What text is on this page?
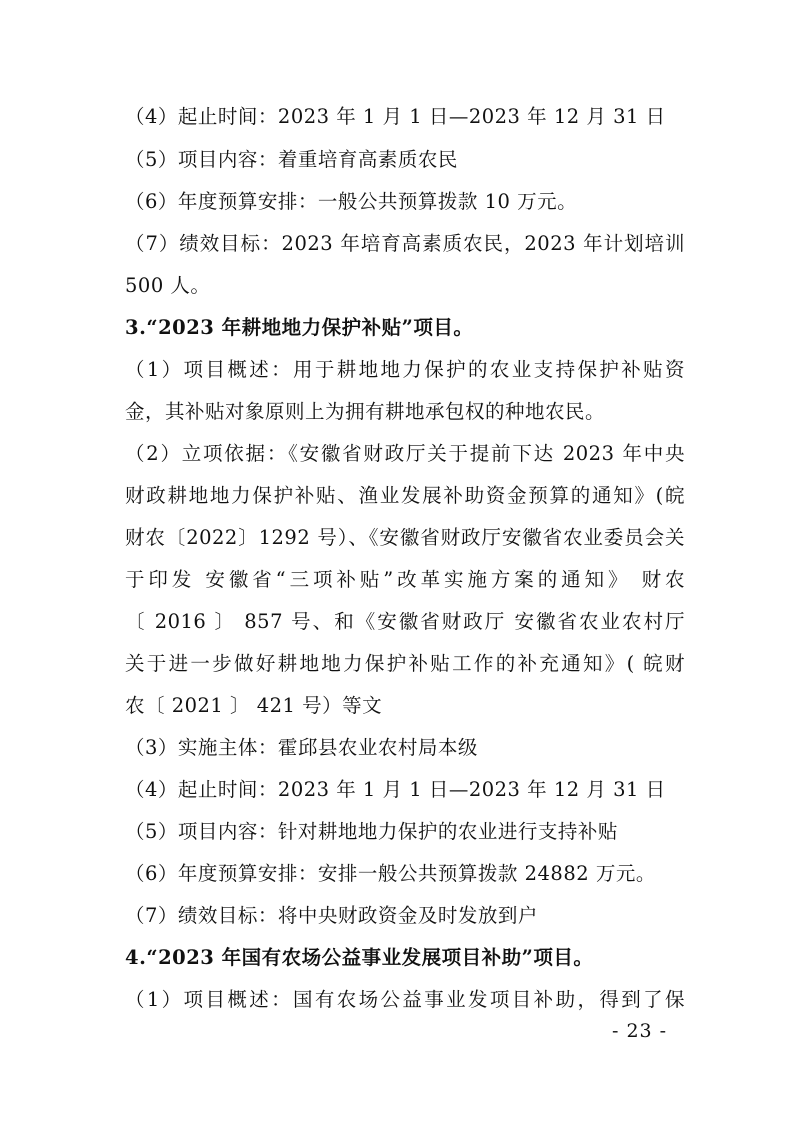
（4）起止时间：2023 年 1 月 1 日—2023 年 12 月 31 日
（5）项目内容：着重培育高素质农民
（6）年度预算安排：一般公共预算拨款 10 万元。
（7）绩效目标：2023 年培育高素质农民，2023 年计划培训
500 人。
3.“2023 年耕地地力保护补贴”项目。
（1）项目概述：用于耕地地力保护的农业支持保护补贴资
金，其补贴对象原则上为拥有耕地承包权的种地农民。
（2）立项依据：《安徽省财政厅关于提前下达 2023 年中央
财政耕地地力保护补贴、渔业发展补助资金预算的通知》(皖
财农〔2022〕1292 号）、《安徽省财政厅安徽省农业委员会关
于印发 安徽省“三项补贴”改革实施方案的通知》 财农
〔 2016 〕 857 号、和《安徽省财政厅 安徽省农业农村厅
关于进一步做好耕地地力保护补贴工作的补充通知》( 皖财
农〔 2021 〕 421 号）等文
（3）实施主体：霍邱县农业农村局本级
（4）起止时间：2023 年 1 月 1 日—2023 年 12 月 31 日
（5）项目内容：针对耕地地力保护的农业进行支持补贴
（6）年度预算安排：安排一般公共预算拨款 24882 万元。
（7）绩效目标：将中央财政资金及时发放到户
4.“2023 年国有农场公益事业发展项目补助”项目。
（1）项目概述：国有农场公益事业发项目补助，得到了保
- 23 -
